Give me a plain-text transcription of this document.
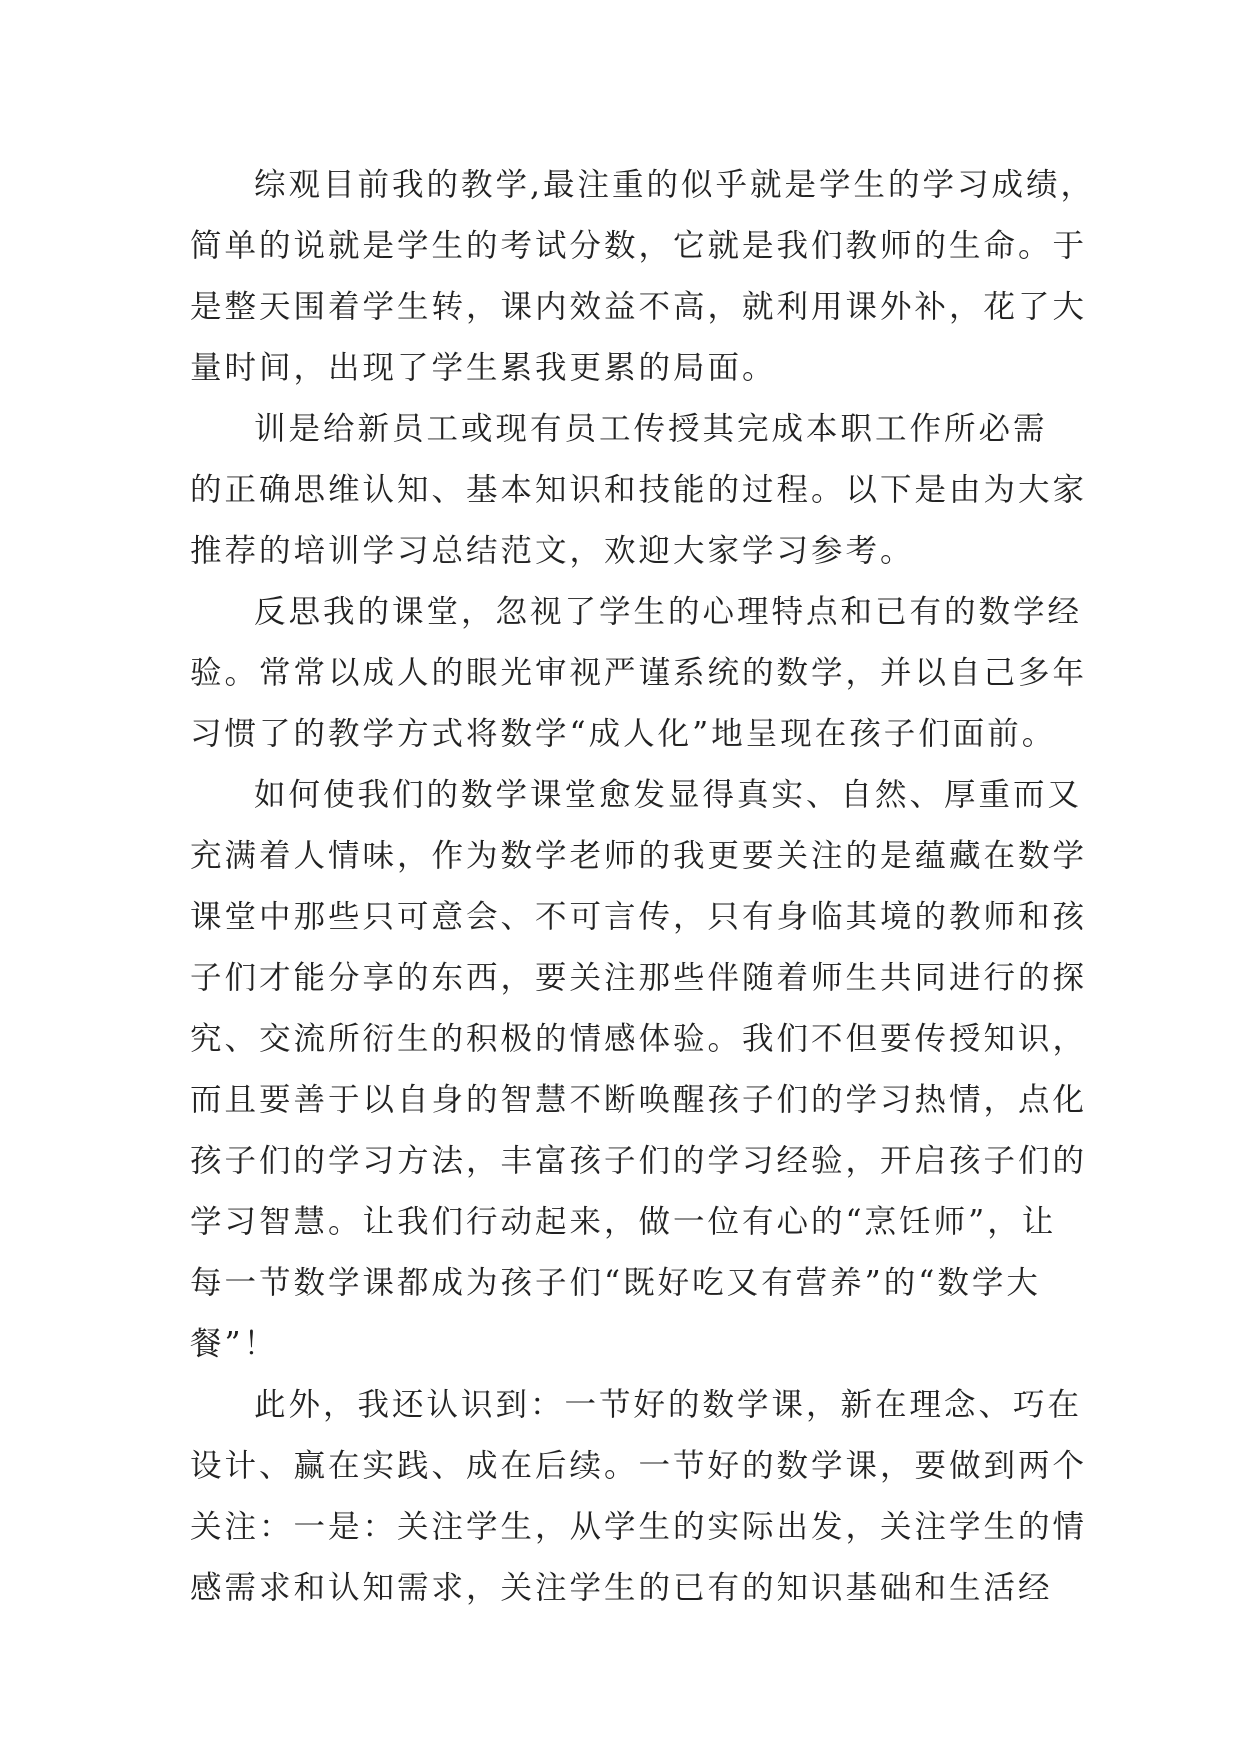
综观目前我的教学,最注重的似乎就是学生的学习成绩，
简单的说就是学生的考试分数，它就是我们教师的生命。于
是整天围着学生转，课内效益不高，就利用课外补，花了大
量时间，出现了学生累我更累的局面。

训是给新员工或现有员工传授其完成本职工作所必需
的正确思维认知、基本知识和技能的过程。以下是由为大家
推荐的培训学习总结范文，欢迎大家学习参考。

反思我的课堂，忽视了学生的心理特点和已有的数学经
验。常常以成人的眼光审视严谨系统的数学，并以自己多年
习惯了的教学方式将数学“成人化”地呈现在孩子们面前。

如何使我们的数学课堂愈发显得真实、自然、厚重而又
充满着人情味，作为数学老师的我更要关注的是蕴藏在数学
课堂中那些只可意会、不可言传，只有身临其境的教师和孩
子们才能分享的东西，要关注那些伴随着师生共同进行的探
究、交流所衍生的积极的情感体验。我们不但要传授知识，
而且要善于以自身的智慧不断唤醒孩子们的学习热情，点化
孩子们的学习方法，丰富孩子们的学习经验，开启孩子们的
学习智慧。让我们行动起来，做一位有心的“烹饪师”，让
每一节数学课都成为孩子们“既好吃又有营养”的“数学大
餐”！

此外，我还认识到：一节好的数学课，新在理念、巧在
设计、赢在实践、成在后续。一节好的数学课，要做到两个
关注：一是：关注学生，从学生的实际出发，关注学生的情
感需求和认知需求，关注学生的已有的知识基础和生活经
